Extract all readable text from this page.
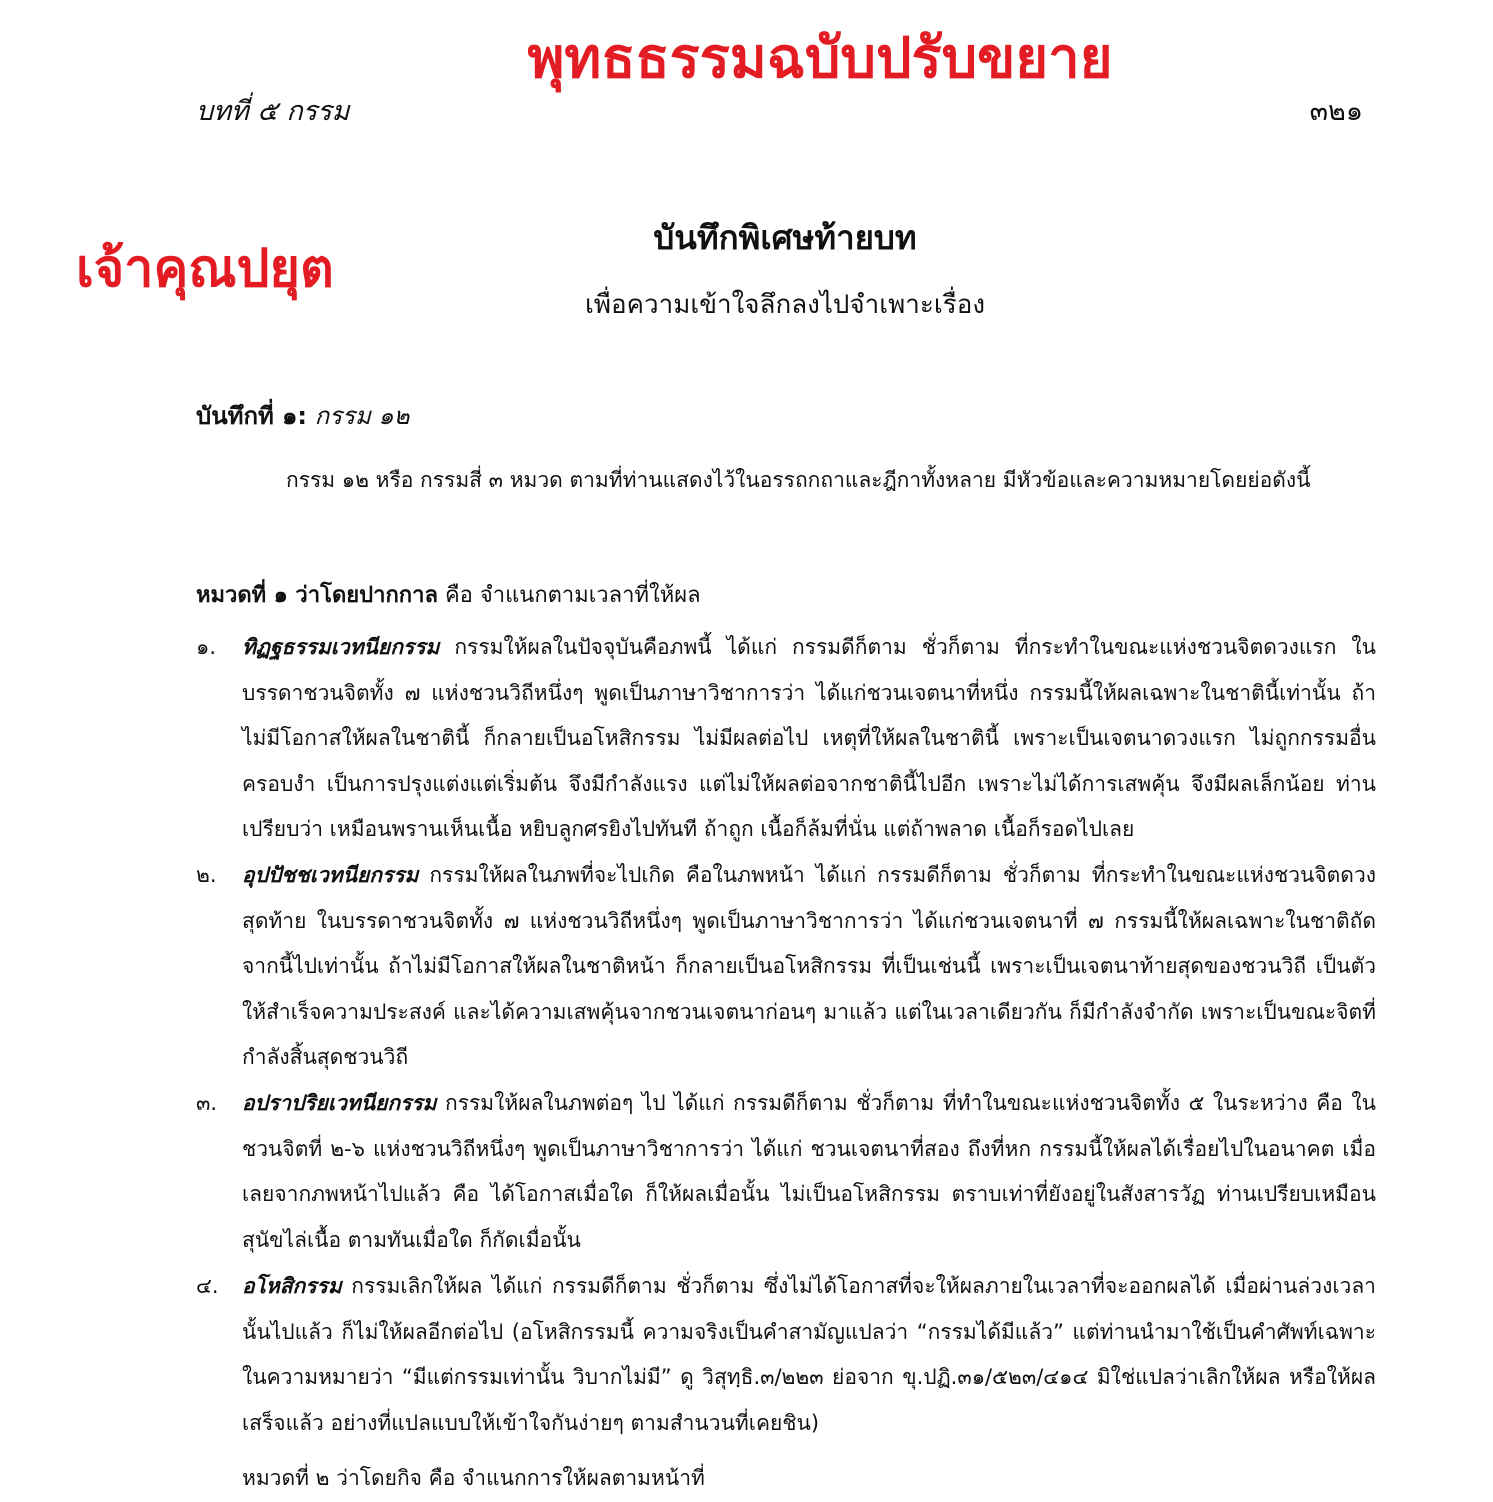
พุทธธรรมฉบับปรับขยาย
เจ้าคุณปยุต
บทที่ ๕ กรรม	๓๒๑
บันทึกพิเศษท้ายบท
เพื่อความเข้าใจลึกลงไปจำเพาะเรื่อง
บันทึกที่ ๑: กรรม ๑๒
กรรม ๑๒ หรือ กรรมสี่ ๓ หมวด ตามที่ท่านแสดงไว้ในอรรถกถาและฎีกาทั้งหลาย มีหัวข้อและความหมายโดยย่อดังนี้
หมวดที่ ๑ ว่าโดยปากกาล คือ จำแนกตามเวลาที่ให้ผล
๑.	ทิฏฐธรรมเวทนียกรรม กรรมให้ผลในปัจจุบันคือภพนี้ ได้แก่ กรรมดีก็ตาม ชั่วก็ตาม ที่กระทำในขณะแห่งชวนจิตดวงแรก ในบรรดาชวนจิตทั้ง ๗ แห่งชวนวิถีหนึ่งๆ พูดเป็นภาษาวิชาการว่า ได้แก่ชวนเจตนาที่หนึ่ง กรรมนี้ให้ผลเฉพาะในชาตินี้เท่านั้น ถ้าไม่มีโอกาสให้ผลในชาตินี้ ก็กลายเป็นอโหสิกรรม ไม่มีผลต่อไป เหตุที่ให้ผลในชาตินี้ เพราะเป็นเจตนาดวงแรก ไม่ถูกกรรมอื่นครอบงำ เป็นการปรุงแต่งแต่เริ่มต้น จึงมีกำลังแรง แต่ไม่ให้ผลต่อจากชาตินี้ไปอีก เพราะไม่ได้การเสพคุ้น จึงมีผลเล็กน้อย ท่านเปรียบว่า เหมือนพรานเห็นเนื้อ หยิบลูกศรยิงไปทันที ถ้าถูก เนื้อก็ล้มที่นั่น แต่ถ้าพลาด เนื้อก็รอดไปเลย
๒.	อุปปัชชเวทนียกรรม กรรมให้ผลในภพที่จะไปเกิด คือในภพหน้า ได้แก่ กรรมดีก็ตาม ชั่วก็ตาม ที่กระทำในขณะแห่งชวนจิตดวงสุดท้าย ในบรรดาชวนจิตทั้ง ๗ แห่งชวนวิถีหนึ่งๆ พูดเป็นภาษาวิชาการว่า ได้แก่ชวนเจตนาที่ ๗ กรรมนี้ให้ผลเฉพาะในชาติถัดจากนี้ไปเท่านั้น ถ้าไม่มีโอกาสให้ผลในชาติหน้า ก็กลายเป็นอโหสิกรรม ที่เป็นเช่นนี้ เพราะเป็นเจตนาท้ายสุดของชวนวิถี เป็นตัวให้สำเร็จความประสงค์ และได้ความเสพคุ้นจากชวนเจตนาก่อนๆ มาแล้ว แต่ในเวลาเดียวกัน ก็มีกำลังจำกัด เพราะเป็นขณะจิตที่กำลังสิ้นสุดชวนวิถี
๓.	อปราปริยเวทนียกรรม กรรมให้ผลในภพต่อๆ ไป ได้แก่ กรรมดีก็ตาม ชั่วก็ตาม ที่ทำในขณะแห่งชวนจิตทั้ง ๕ ในระหว่าง คือ ในชวนจิตที่ ๒-๖ แห่งชวนวิถีหนึ่งๆ พูดเป็นภาษาวิชาการว่า ได้แก่ ชวนเจตนาที่สอง ถึงที่หก กรรมนี้ให้ผลได้เรื่อยไปในอนาคต เมื่อเลยจากภพหน้าไปแล้ว คือ ได้โอกาสเมื่อใด ก็ให้ผลเมื่อนั้น ไม่เป็นอโหสิกรรม ตราบเท่าที่ยังอยู่ในสังสารวัฏ ท่านเปรียบเหมือนสุนัขไล่เนื้อ ตามทันเมื่อใด ก็กัดเมื่อนั้น
๔.	อโหสิกรรม กรรมเลิกให้ผล ได้แก่ กรรมดีก็ตาม ชั่วก็ตาม ซึ่งไม่ได้โอกาสที่จะให้ผลภายในเวลาที่จะออกผลได้ เมื่อผ่านล่วงเวลานั้นไปแล้ว ก็ไม่ให้ผลอีกต่อไป (อโหสิกรรมนี้ ความจริงเป็นคำสามัญแปลว่า “กรรมได้มีแล้ว” แต่ท่านนำมาใช้เป็นคำศัพท์เฉพาะในความหมายว่า “มีแต่กรรมเท่านั้น วิบากไม่มี” ดู วิสุทฺธิ.๓/๒๒๓ ย่อจาก ขุ.ปฏิ.๓๑/๕๒๓/๔๑๔ มิใช่แปลว่าเลิกให้ผล หรือให้ผลเสร็จแล้ว อย่างที่แปลแบบให้เข้าใจกันง่ายๆ ตามสำนวนที่เคยชิน)
หมวดที่ ๒ ว่าโดยกิจ คือ จำแนกการให้ผลตามหน้าที่
